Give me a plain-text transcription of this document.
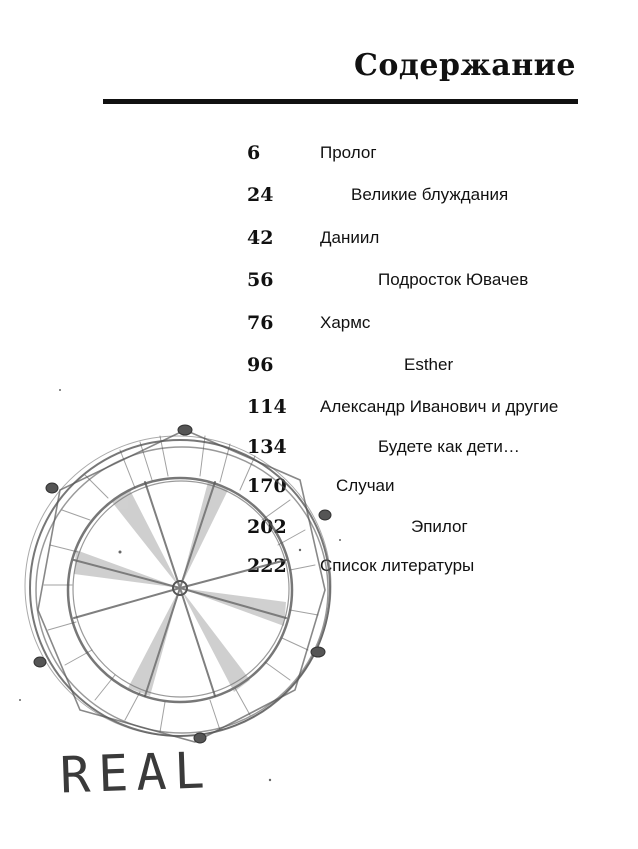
Содержание
6	Пролог
24	Великие блуждания
42	Даниил
56	Подросток Ювачев
76	Хармс
96	Esther
114 Александр Иванович и другие
134	Будете как дети…
170	Случаи
202	Эпилог
222 Список литературы
REAL
